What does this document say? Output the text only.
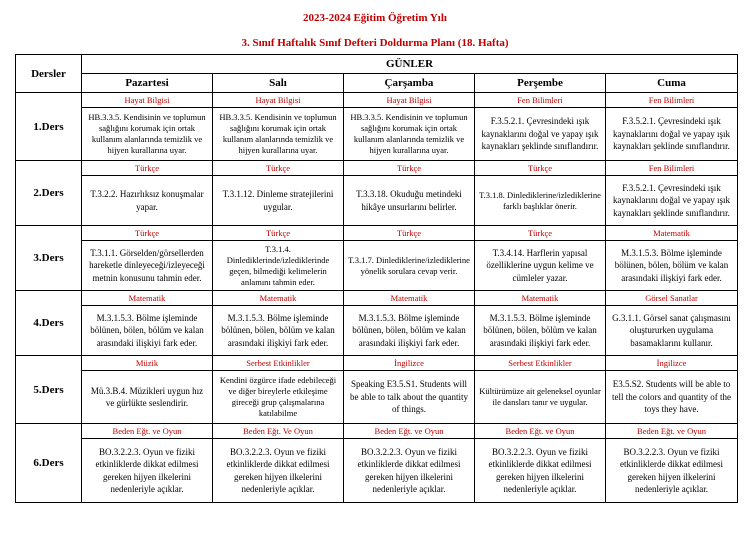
2023-2024 Eğitim Öğretim Yılı
3. Sınıf Haftalık Sınıf Defteri Doldurma Planı (18. Hafta)
Dersler	GÜNLER				
	Pazartesi	Salı	Çarşamba	Perşembe	Cuma
1.Ders	Hayat Bilgisi	Hayat Bilgisi	Hayat Bilgisi	Fen Bilimleri	Fen Bilimleri
	HB.3.3.5. Kendisinin ve toplumun sağlığını korumak için ortak kullanım alanlarında temizlik ve hijyen kurallarına uyar.	HB.3.3.5. Kendisinin ve toplumun sağlığını korumak için ortak kullanım alanlarında temizlik ve hijyen kurallarına uyar.	HB.3.3.5. Kendisinin ve toplumun sağlığını korumak için ortak kullanım alanlarında temizlik ve hijyen kurallarına uyar.	F.3.5.2.1. Çevresindeki ışık kaynaklarını doğal ve yapay ışık kaynakları şeklinde sınıflandırır.	F.3.5.2.1. Çevresindeki ışık kaynaklarını doğal ve yapay ışık kaynakları şeklinde sınıflandırır.
2.Ders	Türkçe	Türkçe	Türkçe	Türkçe	Fen Bilimleri
	T.3.2.2. Hazırlıksız konuşmalar yapar.	T.3.1.12. Dinleme stratejilerini uygular.	T.3.3.18. Okuduğu metindeki hikâye unsurlarını belirler.	T.3.1.8. Dinlediklerine/izlediklerine farklı başlıklar önerir.	F.3.5.2.1. Çevresindeki ışık kaynaklarını doğal ve yapay ışık kaynakları şeklinde sınıflandırır.
3.Ders	Türkçe	Türkçe	Türkçe	Türkçe	Matematik
	T.3.1.1. Görselden/görsellerden hareketle dinleyeceği/izleyeceği metnin konusunu tahmin eder.	T.3.1.4. Dinlediklerinde/izlediklerinde geçen, bilmediği kelimelerin anlamını tahmin eder.	T.3.1.7. Dinlediklerine/izlediklerine yönelik sorulara cevap verir.	T.3.4.14. Harflerin yapısal özelliklerine uygun kelime ve cümleler yazar.	M.3.1.5.3. Bölme işleminde bölünen, bölen, bölüm ve kalan arasındaki ilişkiyi fark eder.
4.Ders	Matematik	Matematik	Matematik	Matematik	Görsel Sanatlar
	M.3.1.5.3. Bölme işleminde bölünen, bölen, bölüm ve kalan arasındaki ilişkiyi fark eder.	M.3.1.5.3. Bölme işleminde bölünen, bölen, bölüm ve kalan arasındaki ilişkiyi fark eder.	M.3.1.5.3. Bölme işleminde bölünen, bölen, bölüm ve kalan arasındaki ilişkiyi fark eder.	M.3.1.5.3. Bölme işleminde bölünen, bölen, bölüm ve kalan arasındaki ilişkiyi fark eder.	G.3.1.1. Görsel sanat çalışmasını oluştururken uygulama basamaklarını kullanır.
5.Ders	Müzik	Serbest Etkinlikler	İngilizce	Serbest Etkinlikler	İngilizce
	Mü.3.B.4. Müzikleri uygun hız ve gürlükte seslendirir.	Kendini özgürce ifade edebileceği ve diğer bireylerle etkileşime gireceği grup çalışmalarına katılabilme	Speaking E3.5.S1. Students will be able to talk about the quantity of things.	Kültürümüze ait geleneksel oyunlar ile dansları tanır ve uygular.	E3.5.S2. Students will be able to tell the colors and quantity of the toys they have.
6.Ders	Beden Eğt. ve Oyun	Beden Eğt. Ve Oyun	Beden Eğt. ve Oyun	Beden Eğt. ve Oyun	Beden Eğt. ve Oyun
	BO.3.2.2.3. Oyun ve fiziki etkinliklerde dikkat edilmesi gereken hijyen ilkelerini nedenleriyle açıklar.	BO.3.2.2.3. Oyun ve fiziki etkinliklerde dikkat edilmesi gereken hijyen ilkelerini nedenleriyle açıklar.	BO.3.2.2.3. Oyun ve fiziki etkinliklerde dikkat edilmesi gereken hijyen ilkelerini nedenleriyle açıklar.	BO.3.2.2.3. Oyun ve fiziki etkinliklerde dikkat edilmesi gereken hijyen ilkelerini nedenleriyle açıklar.	BO.3.2.2.3. Oyun ve fiziki etkinliklerde dikkat edilmesi gereken hijyen ilkelerini nedenleriyle açıklar.
